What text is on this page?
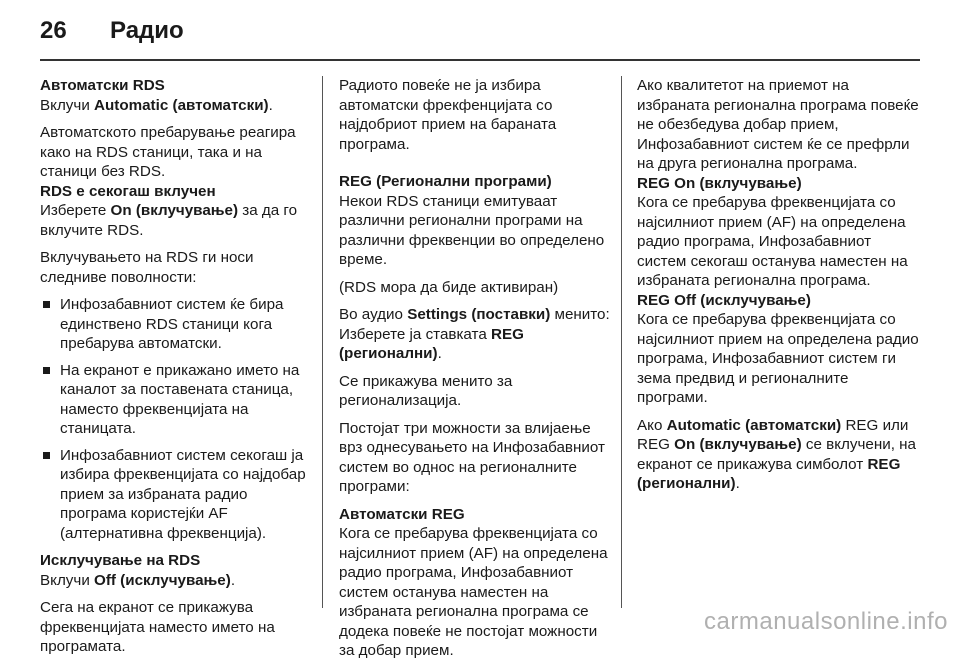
26 Радио
Автоматски RDS
Вклучи Automatic (автоматски).
Автоматското пребарување реагира како на RDS станици, така и на станици без RDS.
RDS е секогаш вклучен
Изберете On (вклучување) за да го вклучите RDS.
Вклучувањето на RDS ги носи следниве поволности:
Инфозабавниот систем ќе бира единствено RDS станици кога пребарува автоматски.
На екранот е прикажано името на каналот за поставената станица, наместо фреквенцијата на станицата.
Инфозабавниот систем секогаш ја избира фреквенцијата со најдобар прием за избраната радио програма користејќи AF (алтернативна фреквенција).
Исклучување на RDS
Вклучи Off (исклучување).
Сега на екранот се прикажува фреквенцијата наместо името на програмата.
Радиото повеќе не ја избира автоматски фрекфенцијата со најдобриот прием на бараната програма.
REG (Регионални програми)
Некои RDS станици емитуваат различни регионални програми на различни фреквенции во определено време.
(RDS мора да биде активиран)
Во аудио Settings (поставки) менито: Изберете ја ставката REG (регионални).
Се прикажува менито за регионализација.
Постојат три можности за влијаење врз однесувањето на Инфозабавниот систем во однос на регионалните програми:
Автоматски REG
Кога се пребарува фреквенцијата со најсилниот прием (AF) на определена радио програма, Инфозабавниот систем останува наместен на избраната регионална програма се додека повеќе не постојат можности за добар прием.
Ако квалитетот на приемот на избраната регионална програма повеќе не обезбедува добар прием, Инфозабавниот систем ќе се префрли на друга регионална програма.
REG On (вклучување)
Кога се пребарува фреквенцијата со најсилниот прием (AF) на определена радио програма, Инфозабавниот систем секогаш останува наместен на избраната регионална програма.
REG Off (исклучување)
Кога се пребарува фреквенцијата со најсилниот прием на определена радио програма, Инфозабавниот систем ги зема предвид и регионалните програми.
Ако Automatic (автоматски) REG или REG On (вклучување) се вклучени, на екранот се прикажува симболот REG (регионални).
carmanualsonline.info
